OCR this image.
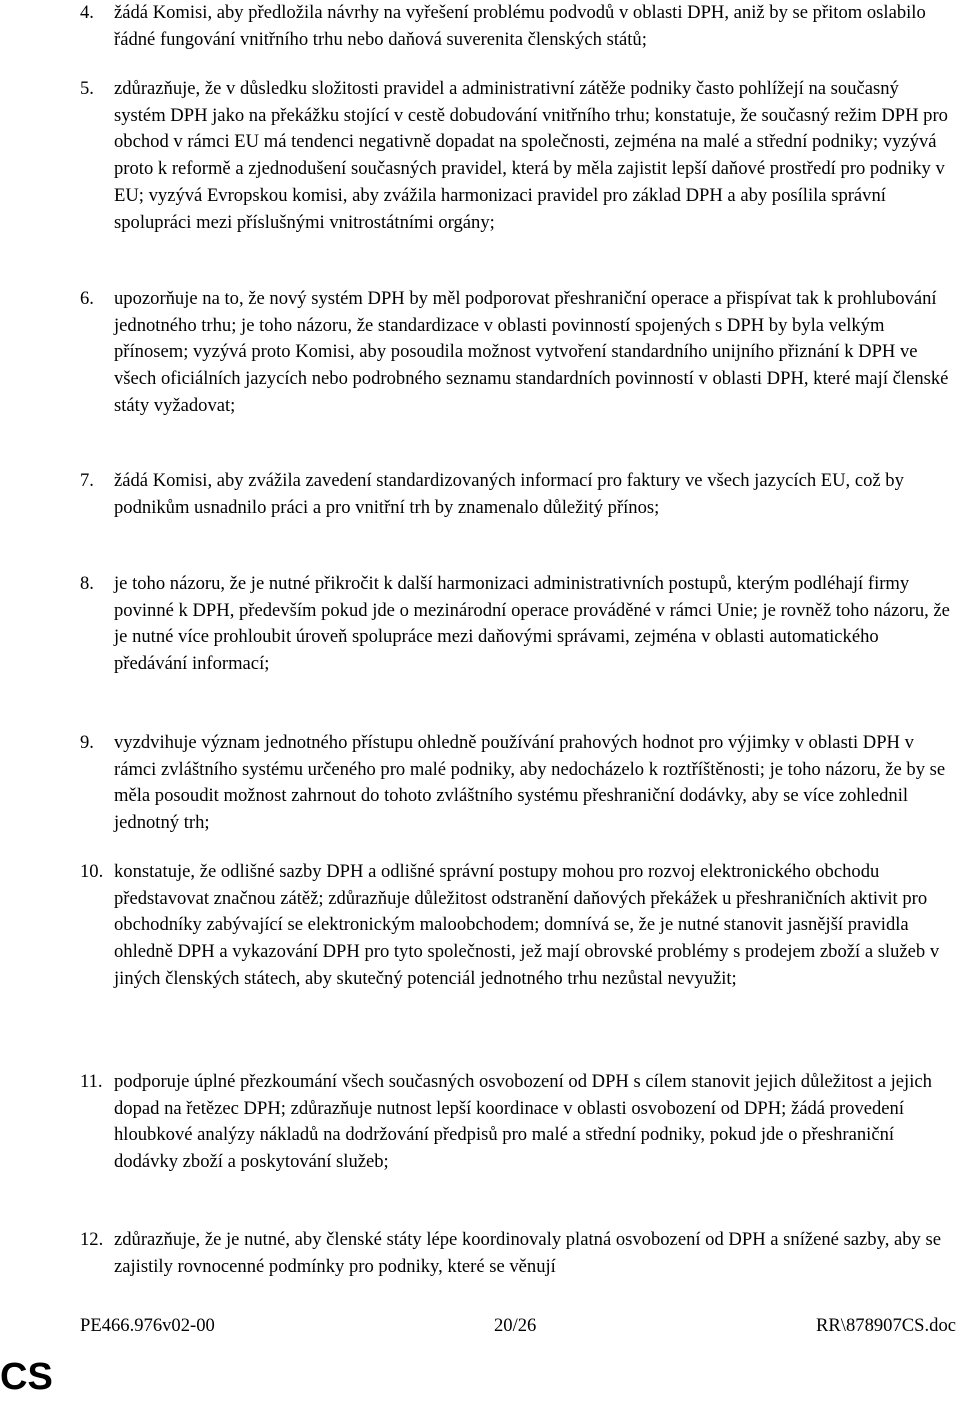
4.	žádá Komisi, aby předložila návrhy na vyřešení problému podvodů v oblasti DPH, aniž by se přitom oslabilo řádné fungování vnitřního trhu nebo daňová suverenita členských států;
5.	zdůrazňuje, že v důsledku složitosti pravidel a administrativní zátěže podniky často pohlížejí na současný systém DPH jako na překážku stojící v cestě dobudování vnitřního trhu; konstatuje, že současný režim DPH pro obchod v rámci EU má tendenci negativně dopadat na společnosti, zejména na malé a střední podniky; vyzývá proto k reformě a zjednodušení současných pravidel, která by měla zajistit lepší daňové prostředí pro podniky v EU; vyzývá Evropskou komisi, aby zvážila harmonizaci pravidel pro základ DPH a aby posílila správní spolupráci mezi příslušnými vnitrostátními orgány;
6.	upozorňuje na to, že nový systém DPH by měl podporovat přeshraniční operace a přispívat tak k prohlubování jednotného trhu; je toho názoru, že standardizace v oblasti povinností spojených s DPH by byla velkým přínosem; vyzývá proto Komisi, aby posoudila možnost vytvoření standardního unijního přiznání k DPH ve všech oficiálních jazycích nebo podrobného seznamu standardních povinností v oblasti DPH, které mají členské státy vyžadovat;
7.	žádá Komisi, aby zvážila zavedení standardizovaných informací pro faktury ve všech jazycích EU, což by podnikům usnadnilo práci a pro vnitřní trh by znamenalo důležitý přínos;
8.	je toho názoru, že je nutné přikročit k další harmonizaci administrativních postupů, kterým podléhají firmy povinné k DPH, především pokud jde o mezinárodní operace prováděné v rámci Unie; je rovněž toho názoru, že je nutné více prohloubit úroveň spolupráce mezi daňovými správami, zejména v oblasti automatického předávání informací;
9.	vyzdvihuje význam jednotného přístupu ohledně používání prahových hodnot pro výjimky v oblasti DPH v rámci zvláštního systému určeného pro malé podniky, aby nedocházelo k roztříštěnosti; je toho názoru, že by se měla posoudit možnost zahrnout do tohoto zvláštního systému přeshraniční dodávky, aby se více zohlednil jednotný trh;
10. konstatuje, že odlišné sazby DPH a odlišné správní postupy mohou pro rozvoj elektronického obchodu představovat značnou zátěž; zdůrazňuje důležitost odstranění daňových překážek u přeshraničních aktivit pro obchodníky zabývající se elektronickým maloobchodem; domnívá se, že je nutné stanovit jasnější pravidla ohledně DPH a vykazování DPH pro tyto společnosti, jež mají obrovské problémy s prodejem zboží a služeb v jiných členských státech, aby skutečný potenciál jednotného trhu nezůstal nevyužit;
11. podporuje úplné přezkoumání všech současných osvobození od DPH s cílem stanovit jejich důležitost a jejich dopad na řetězec DPH; zdůrazňuje nutnost lepší koordinace v oblasti osvobození od DPH; žádá provedení hloubkové analýzy nákladů na dodržování předpisů pro malé a střední podniky, pokud jde o přeshraniční dodávky zboží a poskytování služeb;
12. zdůrazňuje, že je nutné, aby členské státy lépe koordinovaly platná osvobození od DPH a snížené sazby, aby se zajistily rovnocenné podmínky pro podniky, které se věnují
PE466.976v02-00	20/26	RR\878907CS.doc
CS
